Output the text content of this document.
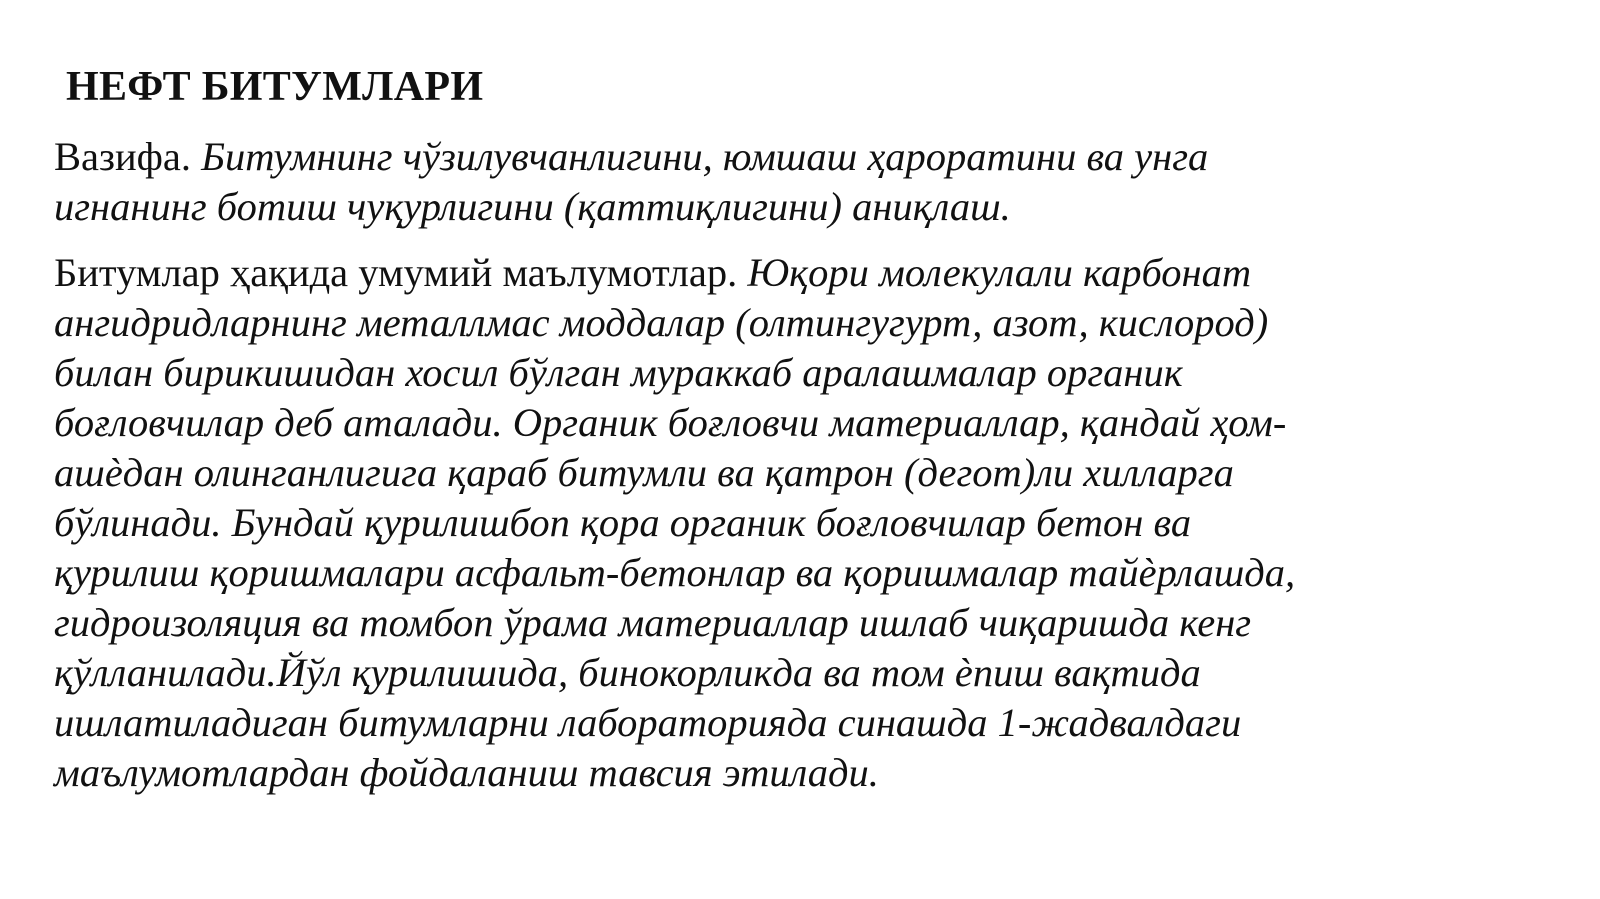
НЕФТ БИТУМЛАРИ

Вазифа. Битумнинг чўзилувчанлигини, юмшаш ҳароратини ва унга
игнанинг ботиш чуқурлигини (қаттиқлигини) аниқлаш.

Битумлар ҳақида умумий маълумотлар. Юқори молекулали карбонат
ангидридларнинг металлмас моддалар (олтингугурт, азот, кислород)
билан бирикишидан хосил бўлган мураккаб аралашмалар органик
боғловчилар деб аталади. Органик боғловчи материаллар, қандай ҳом-
ашѐдан олинганлигига қараб битумли ва қатрон (дегот)ли хилларга
бўлинади. Бундай қурилишбоп қора органик боғловчилар бетон ва
қурилиш қоришмалари асфальт-бетонлар ва қоришмалар тайѐрлашда,
гидроизоляция ва томбоп ўрама материаллар ишлаб чиқаришда кенг
қўлланилади.Йўл қурилишида, бинокорликда ва том ѐпиш вақтида
ишлатиладиган битумларни лабораторияда синашда 1-жадвалдаги
маълумотлардан фойдаланиш тавсия этилади.
